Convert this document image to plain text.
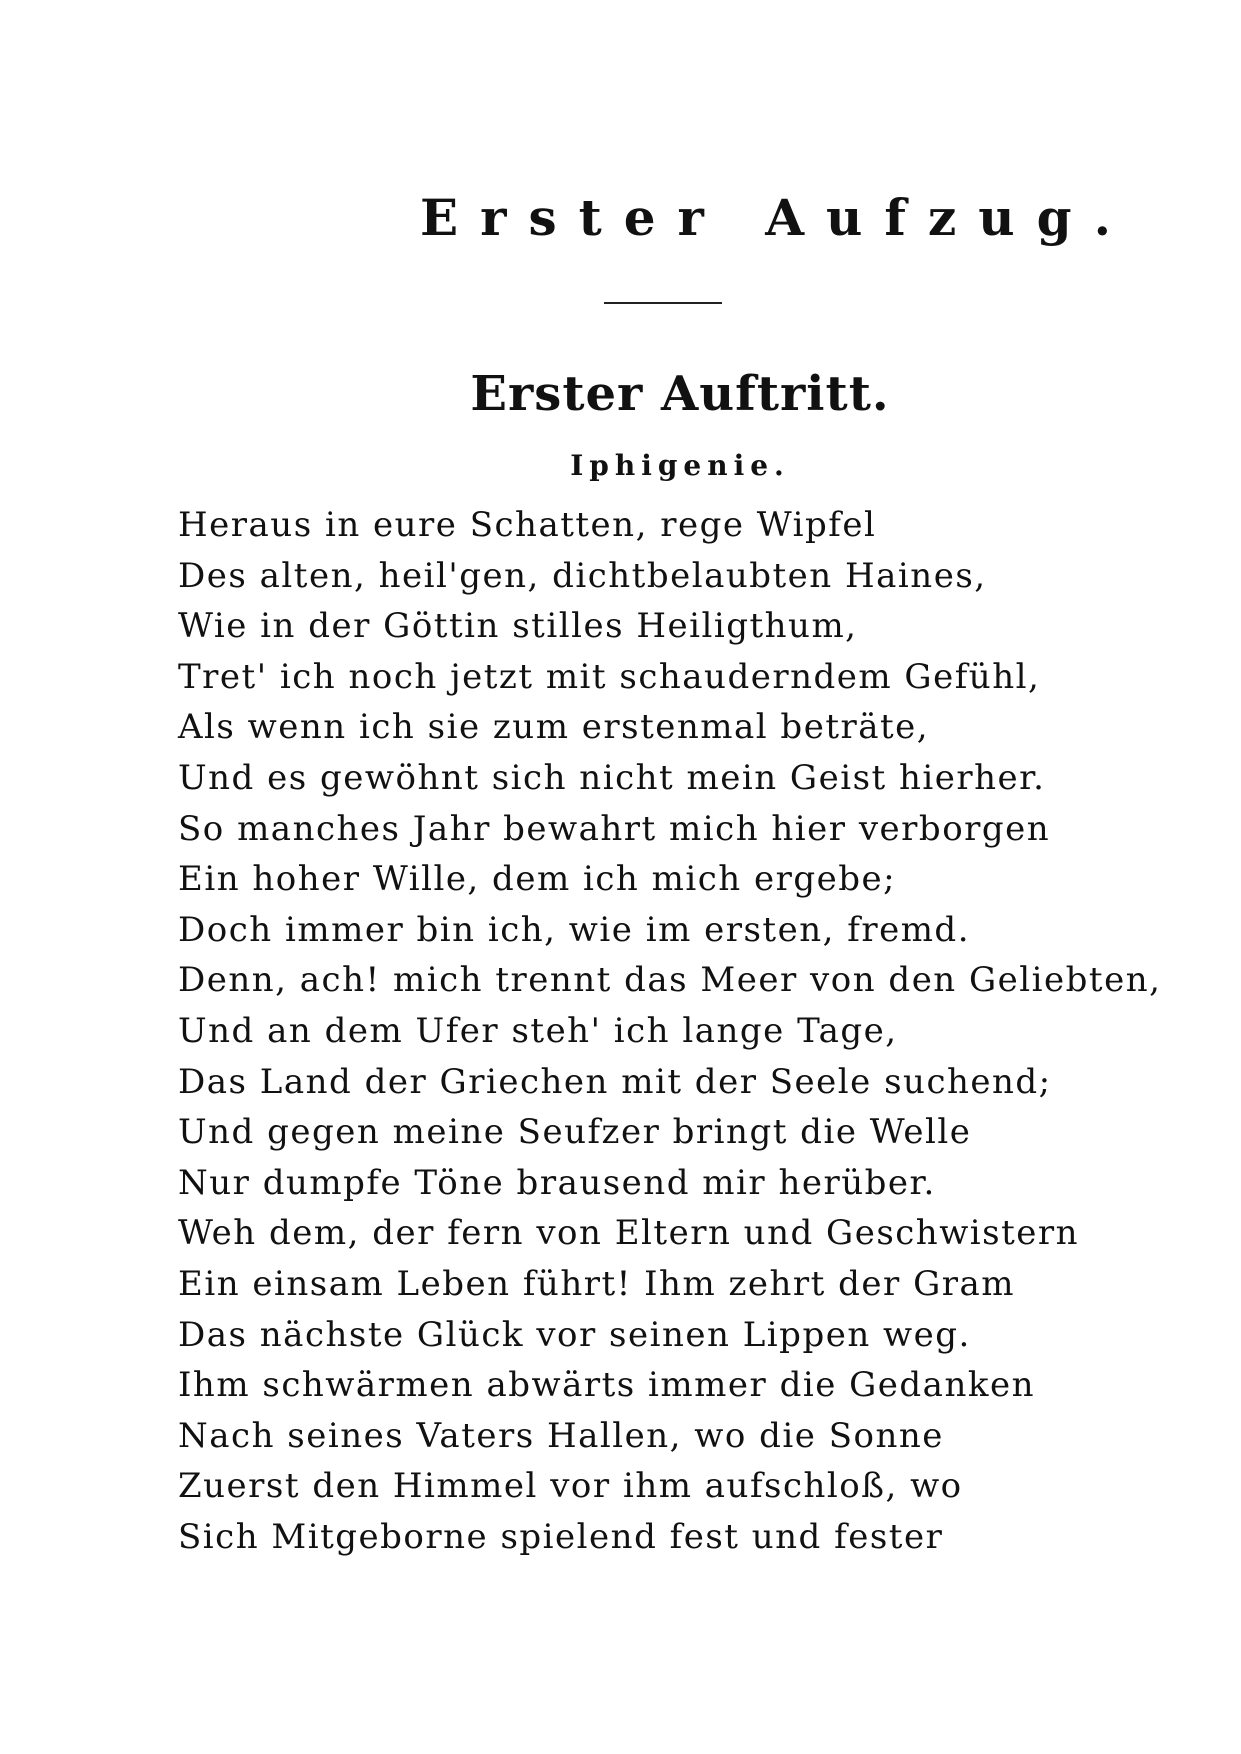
Erster Aufzug.
Erster Auftritt.
Iphigenie.
Heraus in eure Schatten, rege Wipfel
Des alten, heil'gen, dichtbelaubten Haines,
Wie in der Göttin stilles Heiligthum,
Tret' ich noch jetzt mit schauderndem Gefühl,
Als wenn ich sie zum erstenmal beträte,
Und es gewöhnt sich nicht mein Geist hierher.
So manches Jahr bewahrt mich hier verborgen
Ein hoher Wille, dem ich mich ergebe;
Doch immer bin ich, wie im ersten, fremd.
Denn, ach! mich trennt das Meer von den Geliebten,
Und an dem Ufer steh' ich lange Tage,
Das Land der Griechen mit der Seele suchend;
Und gegen meine Seufzer bringt die Welle
Nur dumpfe Töne brausend mir herüber.
Weh dem, der fern von Eltern und Geschwistern
Ein einsam Leben führt! Ihm zehrt der Gram
Das nächste Glück vor seinen Lippen weg.
Ihm schwärmen abwärts immer die Gedanken
Nach seines Vaters Hallen, wo die Sonne
Zuerst den Himmel vor ihm aufschloß, wo
Sich Mitgeborne spielend fest und fester
